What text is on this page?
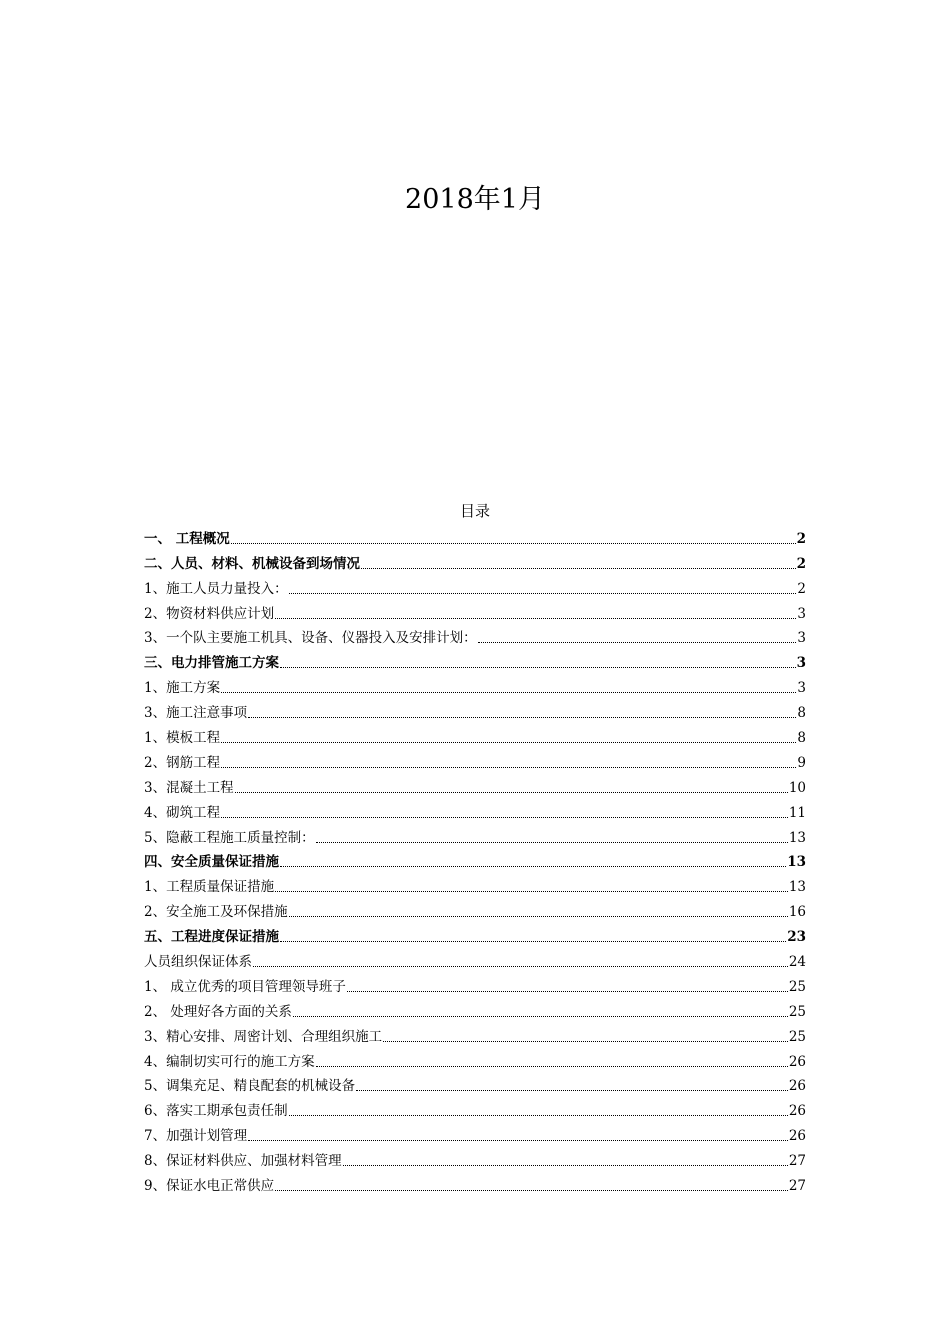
2018年1月
目录
一、 工程概况	2
二、人员、材料、机械设备到场情况	2
1、施工人员力量投入：	2
2、物资材料供应计划	3
3、一个队主要施工机具、设备、仪器投入及安排计划：	3
三、电力排管施工方案	3
1、施工方案	3
3、施工注意事项	8
1、模板工程	8
2、钢筋工程	9
3、混凝土工程	10
4、砌筑工程	11
5、隐蔽工程施工质量控制：	13
四、安全质量保证措施	13
1、工程质量保证措施	13
2、安全施工及环保措施	16
五、工程进度保证措施	23
人员组织保证体系	24
1、 成立优秀的项目管理领导班子	25
2、 处理好各方面的关系	25
3、精心安排、周密计划、合理组织施工	25
4、编制切实可行的施工方案	26
5、调集充足、精良配套的机械设备	26
6、落实工期承包责任制	26
7、加强计划管理	26
8、保证材料供应、加强材料管理	27
9、保证水电正常供应	27
